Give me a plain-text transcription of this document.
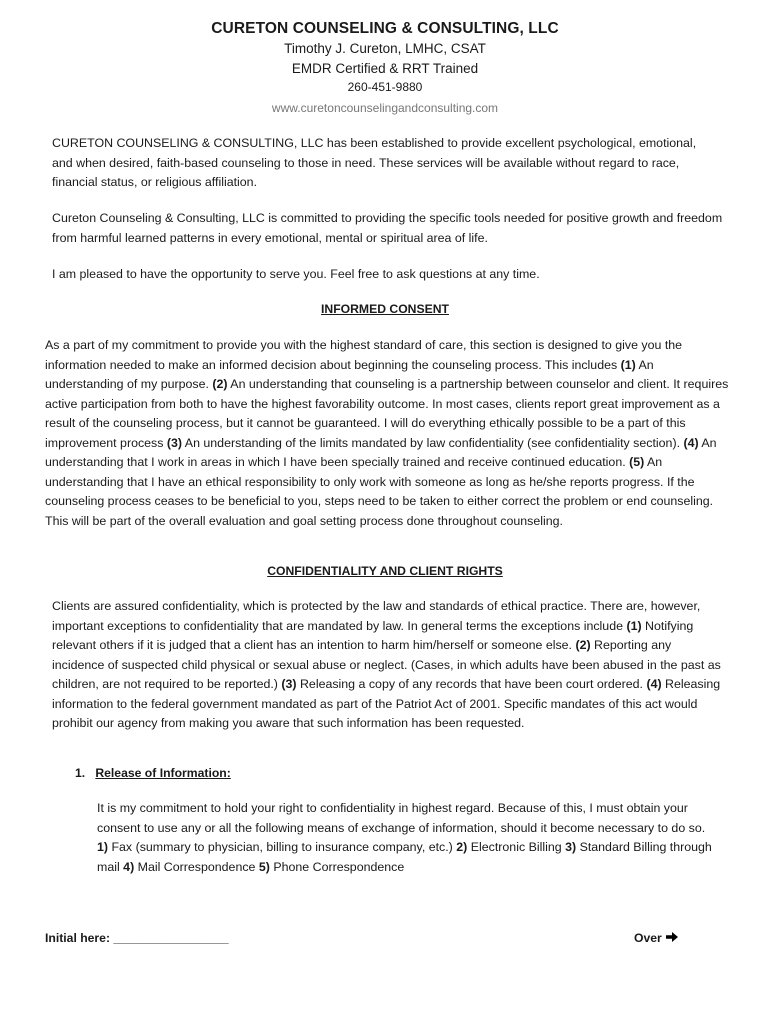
CURETON COUNSELING & CONSULTING, LLC
Timothy J. Cureton, LMHC, CSAT
EMDR Certified & RRT Trained
260-451-9880
www.curetoncounselingandconsulting.com

CURETON COUNSELING & CONSULTING, LLC has been established to provide excellent psychological, emotional, and when desired, faith-based counseling to those in need. These services will be available without regard to race, financial status, or religious affiliation.

Cureton Counseling & Consulting, LLC is committed to providing the specific tools needed for positive growth and freedom from harmful learned patterns in every emotional, mental or spiritual area of life.

I am pleased to have the opportunity to serve you. Feel free to ask questions at any time.

INFORMED CONSENT

As a part of my commitment to provide you with the highest standard of care, this section is designed to give you the information needed to make an informed decision about beginning the counseling process. This includes (1) An understanding of my purpose. (2) An understanding that counseling is a partnership between counselor and client. It requires active participation from both to have the highest favorability outcome. In most cases, clients report great improvement as a result of the counseling process, but it cannot be guaranteed. I will do everything ethically possible to be a part of this improvement process (3) An understanding of the limits mandated by law confidentiality (see confidentiality section). (4) An understanding that I work in areas in which I have been specially trained and receive continued education. (5) An understanding that I have an ethical responsibility to only work with someone as long as he/she reports progress. If the counseling process ceases to be beneficial to you, steps need to be taken to either correct the problem or end counseling. This will be part of the overall evaluation and goal setting process done throughout counseling.

CONFIDENTIALITY AND CLIENT RIGHTS

Clients are assured confidentiality, which is protected by the law and standards of ethical practice. There are, however, important exceptions to confidentiality that are mandated by law. In general terms the exceptions include (1) Notifying relevant others if it is judged that a client has an intention to harm him/herself or someone else. (2) Reporting any incidence of suspected child physical or sexual abuse or neglect. (Cases, in which adults have been abused in the past as children, are not required to be reported.) (3) Releasing a copy of any records that have been court ordered. (4) Releasing information to the federal government mandated as part of the Patriot Act of 2001. Specific mandates of this act would prohibit our agency from making you aware that such information has been requested.

1. Release of Information:

It is my commitment to hold your right to confidentiality in highest regard. Because of this, I must obtain your consent to use any or all the following means of exchange of information, should it become necessary to do so. 1) Fax (summary to physician, billing to insurance company, etc.) 2) Electronic Billing 3) Standard Billing through mail 4) Mail Correspondence 5) Phone Correspondence

Initial here: _________________	Over
